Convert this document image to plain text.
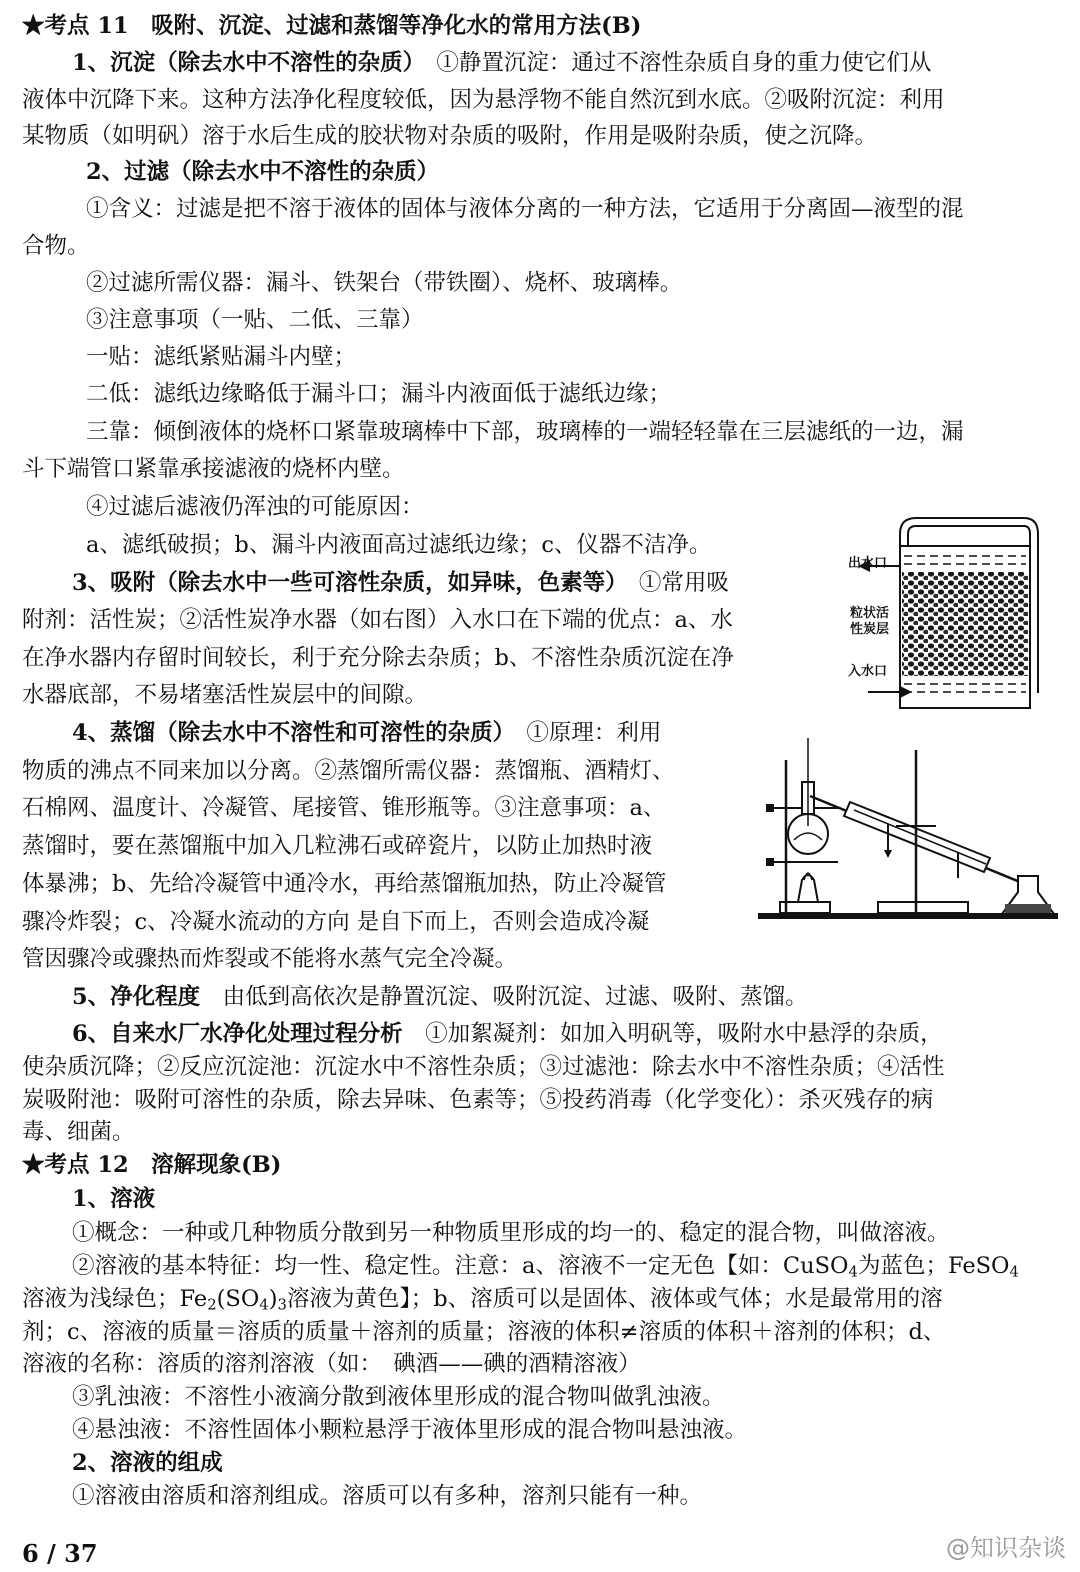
★考点 11　吸附、沉淀、过滤和蒸馏等净化水的常用方法(B)
1、沉淀（除去水中不溶性的杂质）　①静置沉淀：通过不溶性杂质自身的重力使它们从
液体中沉降下来。这种方法净化程度较低，因为悬浮物不能自然沉到水底。②吸附沉淀：利用
某物质（如明矾）溶于水后生成的胶状物对杂质的吸附，作用是吸附杂质，使之沉降。
2、过滤（除去水中不溶性的杂质）
①含义：过滤是把不溶于液体的固体与液体分离的一种方法，它适用于分离固—液型的混
合物。
②过滤所需仪器：漏斗、铁架台（带铁圈）、烧杯、玻璃棒。
③注意事项（一贴、二低、三靠）
一贴：滤纸紧贴漏斗内壁；
二低：滤纸边缘略低于漏斗口；漏斗内液面低于滤纸边缘；
三靠：倾倒液体的烧杯口紧靠玻璃棒中下部，玻璃棒的一端轻轻靠在三层滤纸的一边，漏
斗下端管口紧靠承接滤液的烧杯内壁。
④过滤后滤液仍浑浊的可能原因：
a、滤纸破损；b、漏斗内液面高过滤纸边缘；c、仪器不洁净。
3、吸附（除去水中一些可溶性杂质，如异味，色素等）　①常用吸
附剂：活性炭；②活性炭净水器（如右图）入水口在下端的优点：a、水
在净水器内存留时间较长，利于充分除去杂质；b、不溶性杂质沉淀在净
水器底部，不易堵塞活性炭层中的间隙。
出水口
粒状活
性炭层
入水口
4、蒸馏（除去水中不溶性和可溶性的杂质）　①原理：利用
物质的沸点不同来加以分离。②蒸馏所需仪器：蒸馏瓶、酒精灯、
石棉网、温度计、冷凝管、尾接管、锥形瓶等。③注意事项：a、
蒸馏时，要在蒸馏瓶中加入几粒沸石或碎瓷片，以防止加热时液
体暴沸；b、先给冷凝管中通冷水，再给蒸馏瓶加热，防止冷凝管
骤冷炸裂；c、冷凝水流动的方向 是自下而上，否则会造成冷凝
管因骤冷或骤热而炸裂或不能将水蒸气完全冷凝。
5、净化程度　由低到高依次是静置沉淀、吸附沉淀、过滤、吸附、蒸馏。
6、自来水厂水净化处理过程分析　①加絮凝剂：如加入明矾等，吸附水中悬浮的杂质，
使杂质沉降；②反应沉淀池：沉淀水中不溶性杂质；③过滤池：除去水中不溶性杂质；④活性
炭吸附池：吸附可溶性的杂质，除去异味、色素等；⑤投药消毒（化学变化）：杀灭残存的病
毒、细菌。
★考点 12　溶解现象(B)
1、溶液
①概念：一种或几种物质分散到另一种物质里形成的均一的、稳定的混合物，叫做溶液。
②溶液的基本特征：均一性、稳定性。注意：a、溶液不一定无色【如：CuSO$_4$为蓝色；FeSO$_4$
溶液为浅绿色；$Fe_2(SO_4)_3$溶液为黄色】；b、溶质可以是固体、液体或气体；水是最常用的溶
剂；c、溶液的质量＝溶质的质量＋溶剂的质量；溶液的体积≠溶质的体积＋溶剂的体积；d、
溶液的名称：溶质的溶剂溶液（如：　碘酒——碘的酒精溶液）
③乳浊液：不溶性小液滴分散到液体里形成的混合物叫做乳浊液。
④悬浊液：不溶性固体小颗粒悬浮于液体里形成的混合物叫悬浊液。
2、溶液的组成
①溶液由溶质和溶剂组成。溶质可以有多种，溶剂只能有一种。
6 / 37	@知识杂谈
